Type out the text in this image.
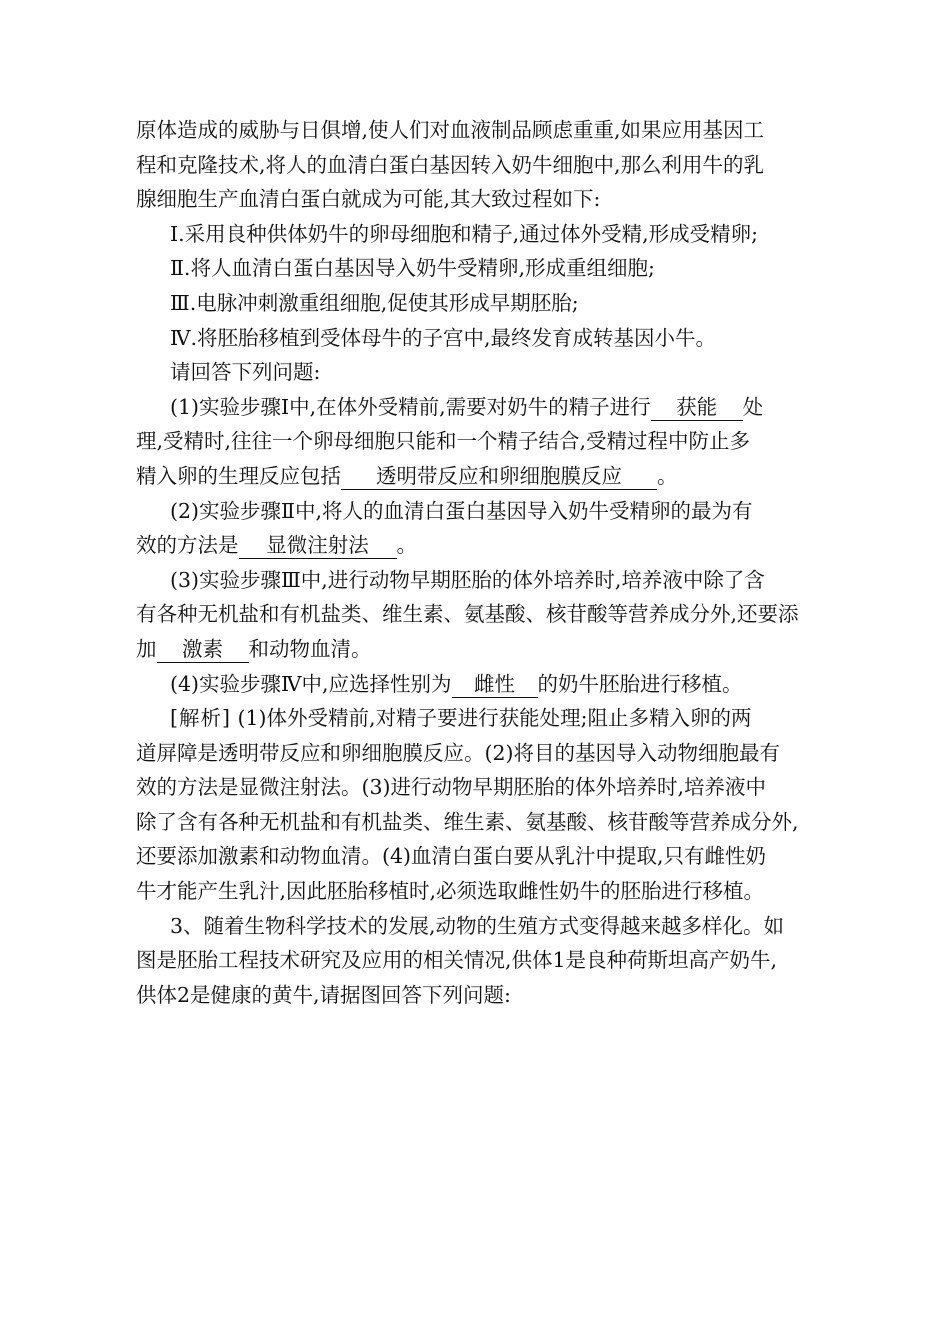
原体造成的威胁与日俱增,使人们对血液制品顾虑重重,如果应用基因工
程和克隆技术,将人的血清白蛋白基因转入奶牛细胞中,那么利用牛的乳
腺细胞生产血清白蛋白就成为可能,其大致过程如下:
Ⅰ.采用良种供体奶牛的卵母细胞和精子,通过体外受精,形成受精卵;
Ⅱ.将人血清白蛋白基因导入奶牛受精卵,形成重组细胞;
Ⅲ.电脉冲刺激重组细胞,促使其形成早期胚胎;
Ⅳ.将胚胎移植到受体母牛的子宫中,最终发育成转基因小牛。
请回答下列问题:
(1)实验步骤Ⅰ中,在体外受精前,需要对奶牛的精子进行 获能 处
理,受精时,往往一个卵母细胞只能和一个精子结合,受精过程中防止多
精入卵的生理反应包括 透明带反应和卵细胞膜反应 。
(2)实验步骤Ⅱ中,将人的血清白蛋白基因导入奶牛受精卵的最为有
效的方法是 显微注射法 。
(3)实验步骤Ⅲ中,进行动物早期胚胎的体外培养时,培养液中除了含
有各种无机盐和有机盐类、维生素、氨基酸、核苷酸等营养成分外,还要添
加 激素 和动物血清。
(4)实验步骤Ⅳ中,应选择性别为 雌性 的奶牛胚胎进行移植。
[解析] (1)体外受精前,对精子要进行获能处理;阻止多精入卵的两
道屏障是透明带反应和卵细胞膜反应。(2)将目的基因导入动物细胞最有
效的方法是显微注射法。(3)进行动物早期胚胎的体外培养时,培养液中
除了含有各种无机盐和有机盐类、维生素、氨基酸、核苷酸等营养成分外,
还要添加激素和动物血清。(4)血清白蛋白要从乳汁中提取,只有雌性奶
牛才能产生乳汁,因此胚胎移植时,必须选取雌性奶牛的胚胎进行移植。
3、随着生物科学技术的发展,动物的生殖方式变得越来越多样化。如
图是胚胎工程技术研究及应用的相关情况,供体1是良种荷斯坦高产奶牛,
供体2是健康的黄牛,请据图回答下列问题:
